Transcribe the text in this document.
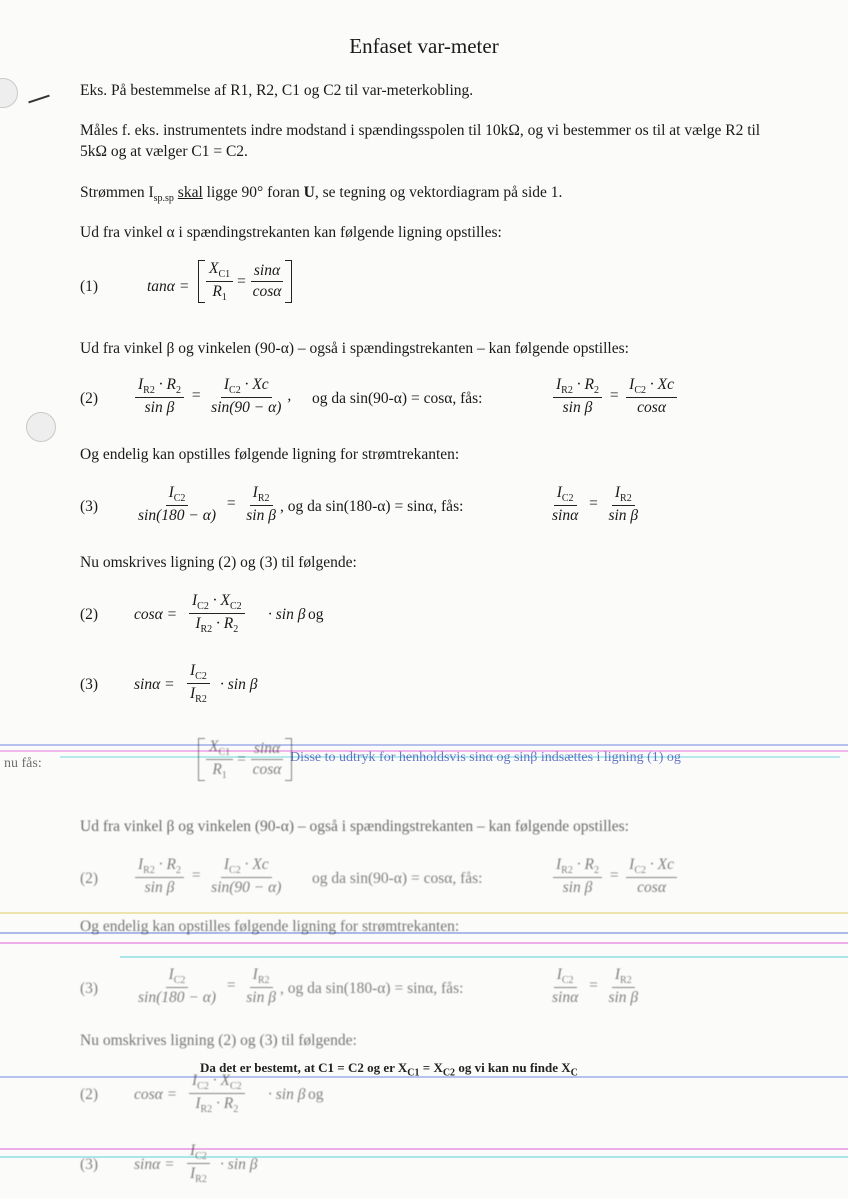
Enfaset var-meter
Eks. På bestemmelse af R1, R2, C1 og C2 til var-meterkobling.
Måles f. eks. instrumentets indre modstand i spændingsspolen til 10kΩ, og vi bestemmer os til at vælge R2 til 5kΩ og at vælger C1 = C2.
Strømmen $I_{sp.sp}$ skal ligge 90° foran U, se tegning og vektordiagram på side 1.
Ud fra vinkel α i spændingstrekanten kan følgende ligning opstilles:
(1)	$\tan\alpha = \frac{X_{C1}}{R_1} = \frac{\sin\alpha}{\cos\alpha}$
Ud fra vinkel β og vinkelen (90-α) – også i spændingstrekanten – kan følgende opstilles:
$(2) \frac{I_{R2} \cdot R_2}{\text{sin β}} = \frac{I_{C2} \cdot Xc}{\sin(90 - \alpha)}$ , og da sin(90-α) = cosα, fås:	$\frac{I_{R2} \cdot R_2}{\text{sin β}} = \frac{I_{C2} \cdot Xc}{\cos\alpha}$
Og endelig kan opstilles følgende ligning for strømtrekanten:
$(3) \frac{I_{C2}}{\sin(180 - \alpha)} = \frac{I_{R2}}{\text{sin β}}$ , og da sin(180-α) = sinα, fås:	$\frac{I_{C2}}{\sin\alpha} = \frac{I_{R2}}{\text{sin β}}$
Nu omskrives ligning (2) og (3) til følgende:
(2) $\cos\alpha = \frac{I_{C2} \cdot X_{C2}}{I_{R2} \cdot R_2} \cdot \sin \beta$ og
(3) $\sin\alpha = \frac{I_{C2}}{I_{R2}} \cdot \sin \beta$
Disse to udtryk for henholdsvis sinα og sinβ indsættes i ligning (1) og
nu fås:	$\frac{X_{C1}}{R_1} = \frac{\sin\alpha}{\cos\alpha}$
Ud fra vinkel β og vinkelen (90-α) – også i spændingstrekanten – kan følgende opstilles:
$(2) \frac{I_{R2} \cdot R_2}{\text{sin β}} = \frac{I_{C2} \cdot Xc}{\sin(90 - \alpha)}$ og da sin(90-α) = cosα, fås:	$\frac{I_{R2} \cdot R_2}{\text{sin β}} = \frac{I_{C2} \cdot Xc}{\cos\alpha}$
Og endelig kan opstilles følgende ligning for strømtrekanten:
$(3) \frac{I_{C2}}{\sin(180 - \alpha)} = \frac{I_{R2}}{\text{sin β}}$ , og da sin(180-α) = sinα, fås:	$\frac{I_{C2}}{\sin\alpha} = \frac{I_{R2}}{\text{sin β}}$
Nu omskrives ligning (2) og (3) til følgende:
Da det er bestemt, at C1 = C2 og er $X_{C1} = X_{C2}$ og vi kan nu finde $X_C$
(2) $\cos\alpha = \frac{I_{C2} \cdot X_{C2}}{I_{R2} \cdot R_2} \cdot \sin \beta$ og
(3) $\sin\alpha = \frac{I_{C2}}{I_{R2}} \cdot \sin \beta$
